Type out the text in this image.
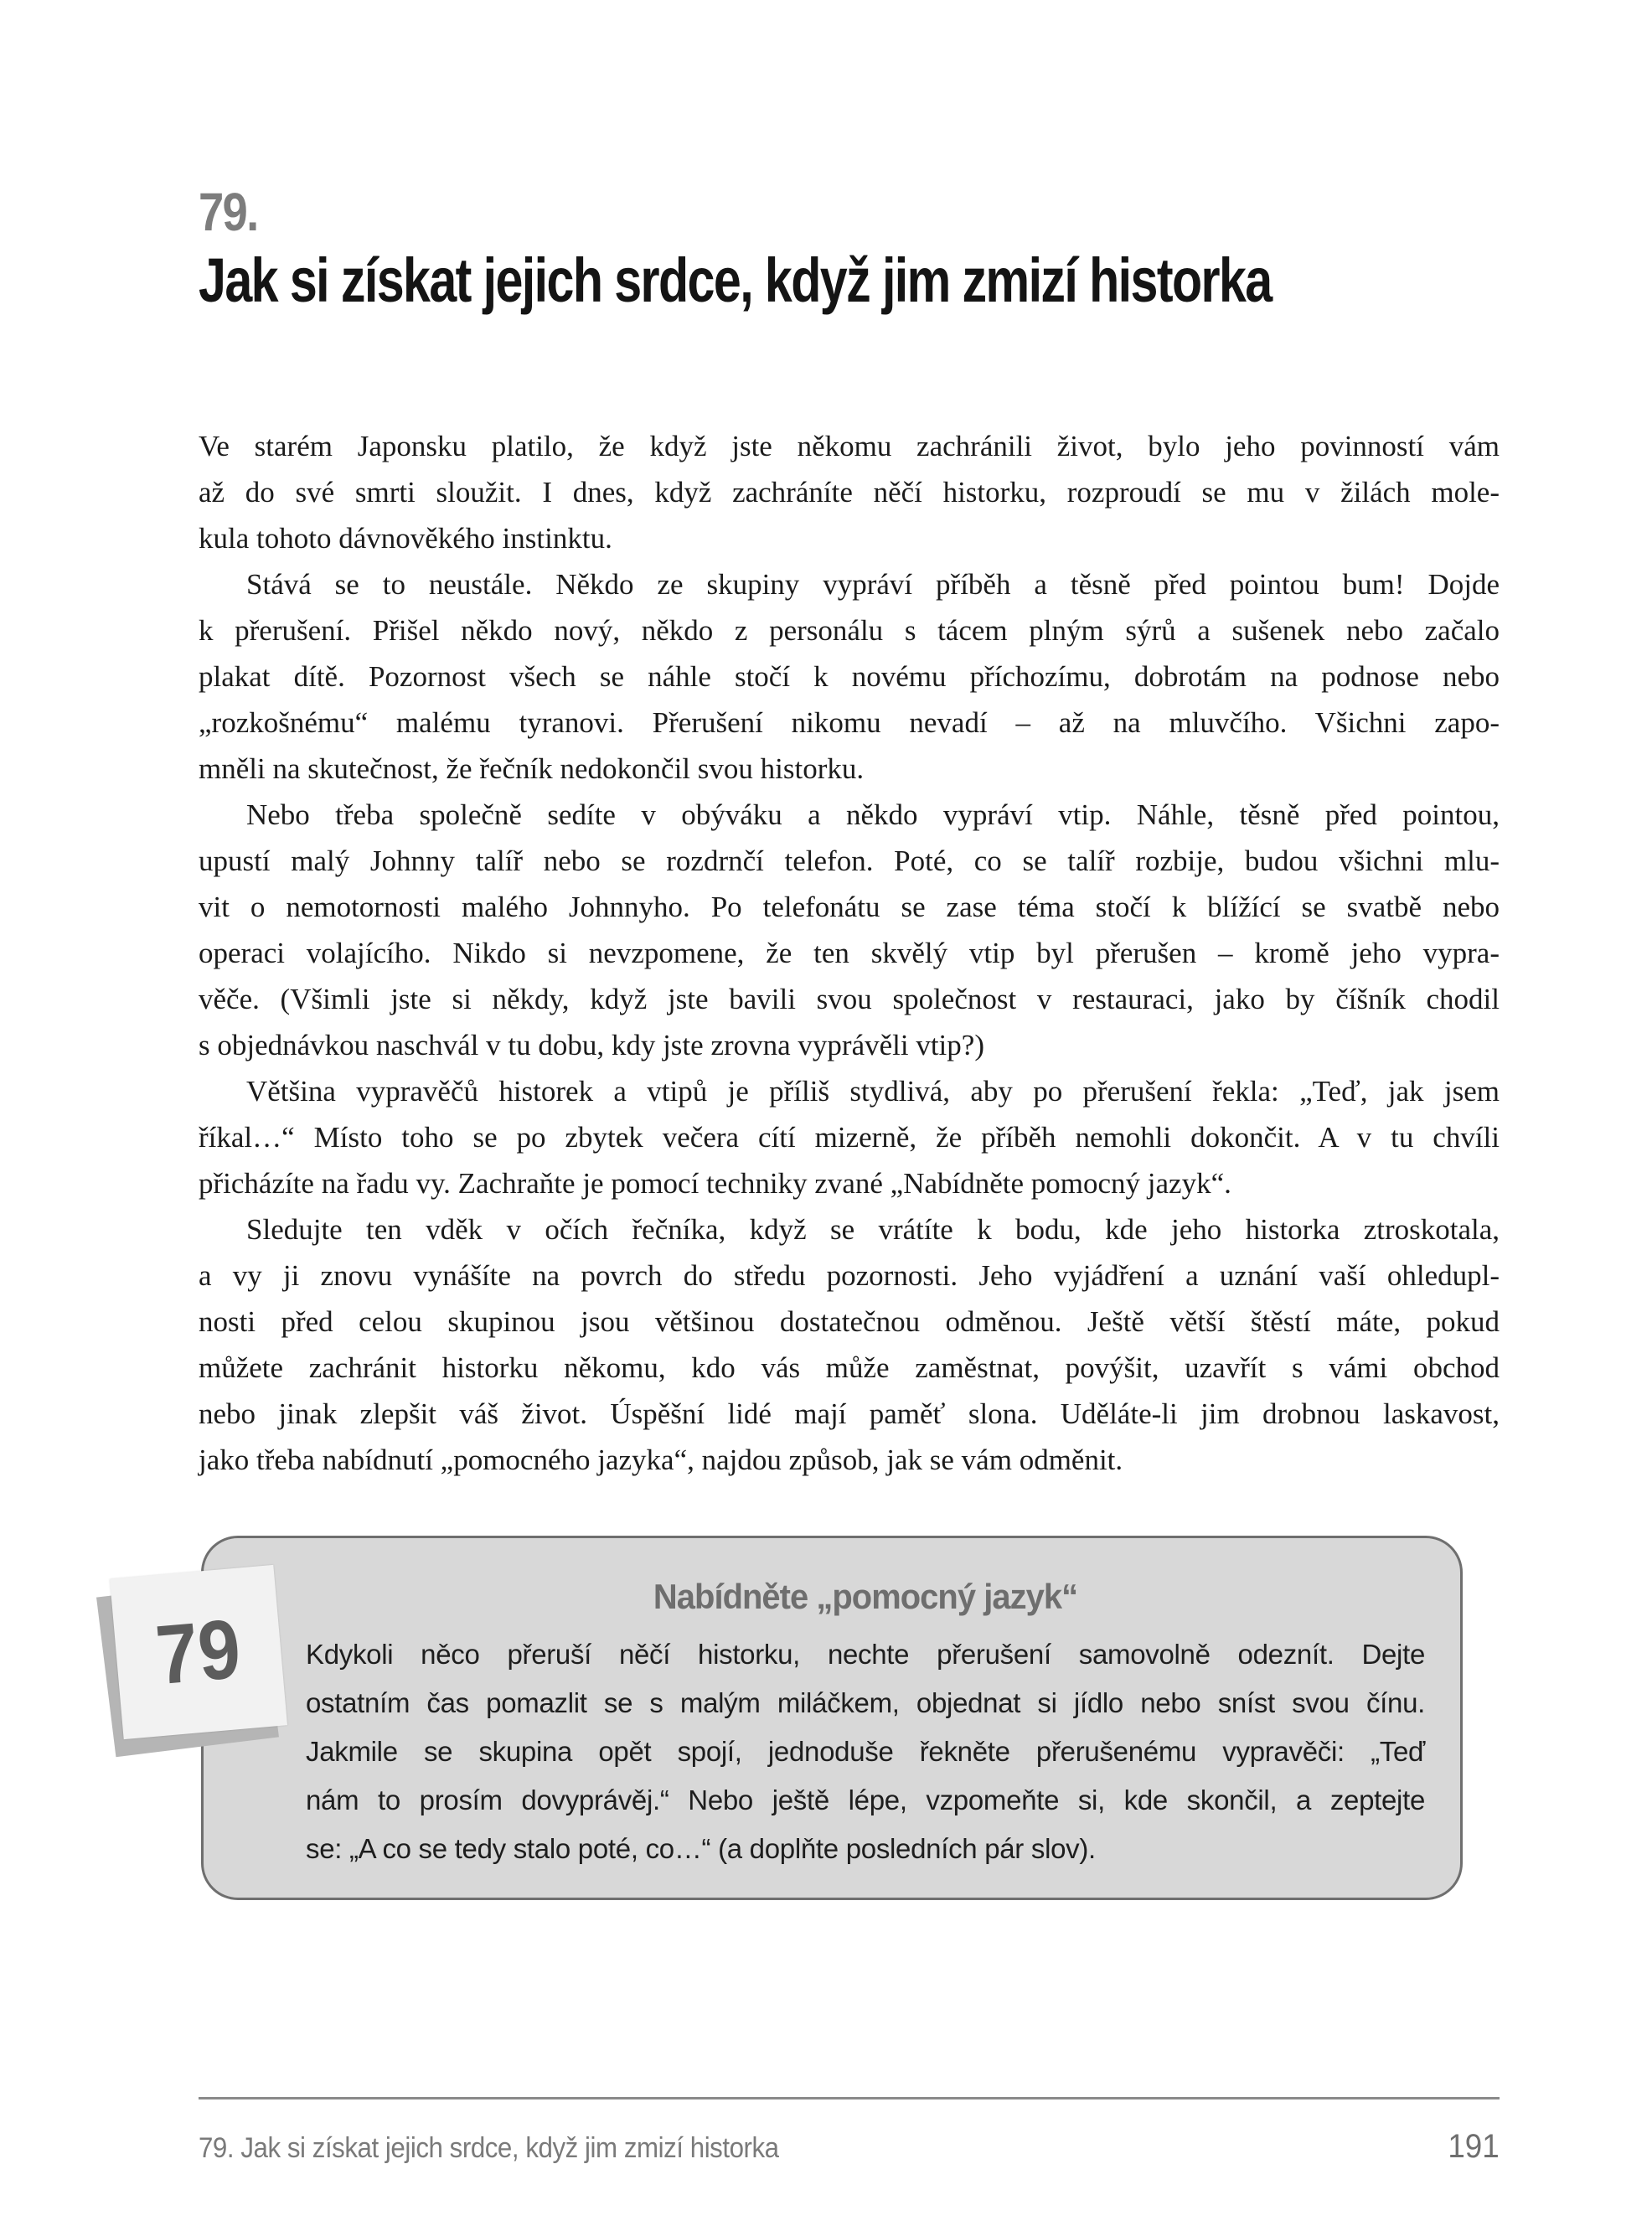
79.
Jak si získat jejich srdce, když jim zmizí historka
Ve starém Japonsku platilo, že když jste někomu zachránili život, bylo jeho povinností vám
až do své smrti sloužit. I dnes, když zachráníte něčí historku, rozproudí se mu v žilách mole-
kula tohoto dávnověkého instinktu.
Stává se to neustále. Někdo ze skupiny vypráví příběh a těsně před pointou bum! Dojde
k přerušení. Přišel někdo nový, někdo z personálu s tácem plným sýrů a sušenek nebo začalo
plakat dítě. Pozornost všech se náhle stočí k novému příchozímu, dobrotám na podnose nebo
„rozkošnému“ malému tyranovi. Přerušení nikomu nevadí – až na mluvčího. Všichni zapo-
mněli na skutečnost, že řečník nedokončil svou historku.
Nebo třeba společně sedíte v obýváku a někdo vypráví vtip. Náhle, těsně před pointou,
upustí malý Johnny talíř nebo se rozdrnčí telefon. Poté, co se talíř rozbije, budou všichni mlu-
vit o nemotornosti malého Johnnyho. Po telefonátu se zase téma stočí k blížící se svatbě nebo
operaci volajícího. Nikdo si nevzpomene, že ten skvělý vtip byl přerušen – kromě jeho vypra-
věče. (Všimli jste si někdy, když jste bavili svou společnost v restauraci, jako by číšník chodil
s objednávkou naschvál v tu dobu, kdy jste zrovna vyprávěli vtip?)
Většina vypravěčů historek a vtipů je příliš stydlivá, aby po přerušení řekla: „Teď, jak jsem
říkal…“ Místo toho se po zbytek večera cítí mizerně, že příběh nemohli dokončit. A v tu chvíli
přicházíte na řadu vy. Zachraňte je pomocí techniky zvané „Nabídněte pomocný jazyk“.
Sledujte ten vděk v očích řečníka, když se vrátíte k bodu, kde jeho historka ztroskotala,
a vy ji znovu vynášíte na povrch do středu pozornosti. Jeho vyjádření a uznání vaší ohledupl-
nosti před celou skupinou jsou většinou dostatečnou odměnou. Ještě větší štěstí máte, pokud
můžete zachránit historku někomu, kdo vás může zaměstnat, povýšit, uzavřít s vámi obchod
nebo jinak zlepšit váš život. Úspěšní lidé mají paměť slona. Uděláte-li jim drobnou laskavost,
jako třeba nabídnutí „pomocného jazyka“, najdou způsob, jak se vám odměnit.
Nabídněte „pomocný jazyk“
Kdykoli něco přeruší něčí historku, nechte přerušení samovolně odeznít. Dejte
ostatním čas pomazlit se s malým miláčkem, objednat si jídlo nebo sníst svou čínu.
Jakmile se skupina opět spojí, jednoduše řekněte přerušenému vypravěči: „Teď
nám to prosím dovyprávěj.“ Nebo ještě lépe, vzpomeňte si, kde skončil, a zeptejte
se: „A co se tedy stalo poté, co…“ (a doplňte posledních pár slov).
79
79. Jak si získat jejich srdce, když jim zmizí historka	191
